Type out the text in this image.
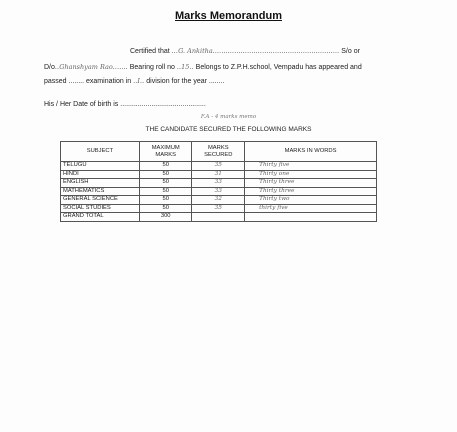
Marks Memorandum
Certified that ...G. Ankitha........................................................... S/o or
D/o..Ghanshyam Rao....... Bearing roll no ..15.. Belongs to Z.P.H.school, Vempadu has appeared and
passed ........ examination in ..I.. division for the year ........
His / Her Date of birth is ............................................
F.A - 4 marks memo
THE CANDIDATE SECURED THE FOLLOWING MARKS
SUBJECT	MAXIMUM MARKS	MARKS SECURED	MARKS IN WORDS
TELUGU	50	35	Thirty five
HINDI	50	31	Thirty one
ENGLISH	50	33	Thirty three
MATHEMATICS	50	33	Thirty three
GENERAL SCIENCE	50	32	Thirty two
SOCIAL STUDIES	50	35	thirty five
GRAND TOTAL	300		
